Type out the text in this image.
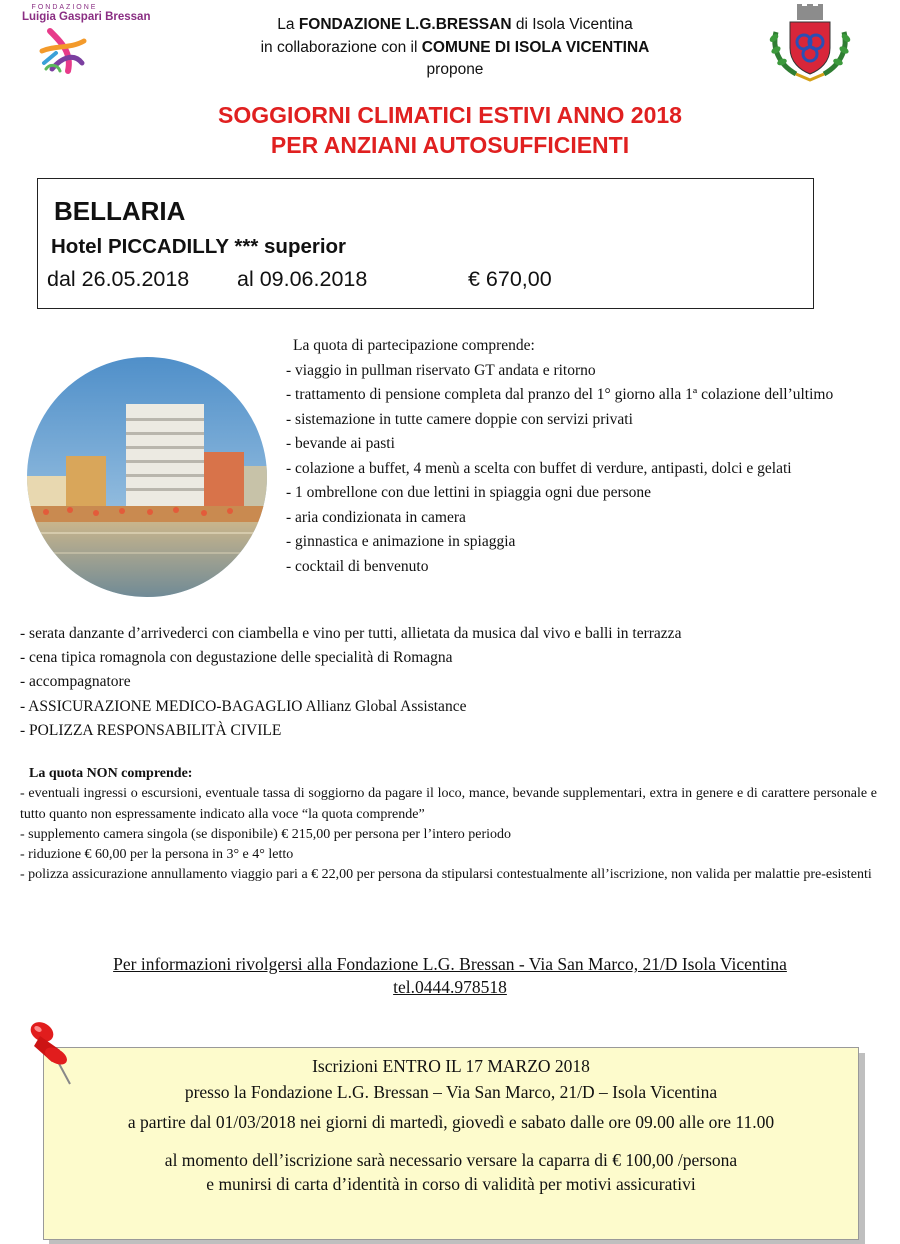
FONDAZIONE
Luigia Gaspari Bressan	La FONDAZIONE L.G.BRESSAN di Isola Vicentina
in collaborazione con il COMUNE DI ISOLA VICENTINA
propone
SOGGIORNI CLIMATICI ESTIVI ANNO 2018
PER ANZIANI AUTOSUFFICIENTI
BELLARIA
Hotel PICCADILLY *** superior
dal 26.05.2018 al 09.06.2018	€ 670,00
La quota di partecipazione comprende:
- viaggio in pullman riservato GT andata e ritorno
- trattamento di pensione completa dal pranzo del 1° giorno alla 1ª colazione dell’ultimo
- sistemazione in tutte camere doppie con servizi privati
- bevande ai pasti
- colazione a buffet, 4 menù a scelta con buffet di verdure, antipasti, dolci e gelati
- 1 ombrellone con due lettini in spiaggia ogni due persone
- aria condizionata in camera
- ginnastica e animazione in spiaggia
- cocktail di benvenuto
- serata danzante d’arrivederci con ciambella e vino per tutti, allietata da musica dal vivo e balli in terrazza
- cena tipica romagnola con degustazione delle specialità di Romagna
- accompagnatore
- ASSICURAZIONE MEDICO-BAGAGLIO Allianz Global Assistance
- POLIZZA RESPONSABILITÀ CIVILE
La quota NON comprende:
- eventuali ingressi o escursioni, eventuale tassa di soggiorno da pagare il loco, mance, bevande supplementari, extra in genere e di carattere personale e tutto quanto non espressamente indicato alla voce “la quota comprende”
- supplemento camera singola (se disponibile) € 215,00 per persona per l’intero periodo
- riduzione € 60,00 per la persona in 3° e 4° letto
- polizza assicurazione annullamento viaggio pari a € 22,00 per persona da stipularsi contestualmente all’iscrizione, non valida per malattie pre-esistenti
Per informazioni rivolgersi alla Fondazione L.G. Bressan - Via San Marco, 21/D Isola Vicentina
tel.0444.978518
Iscrizioni ENTRO IL 17 MARZO 2018
presso la Fondazione L.G. Bressan – Via San Marco, 21/D – Isola Vicentina
a partire dal 01/03/2018 nei giorni di martedì, giovedì e sabato dalle ore 09.00 alle ore 11.00
al momento dell’iscrizione sarà necessario versare la caparra di € 100,00 /persona
e munirsi di carta d’identità in corso di validità per motivi assicurativi
